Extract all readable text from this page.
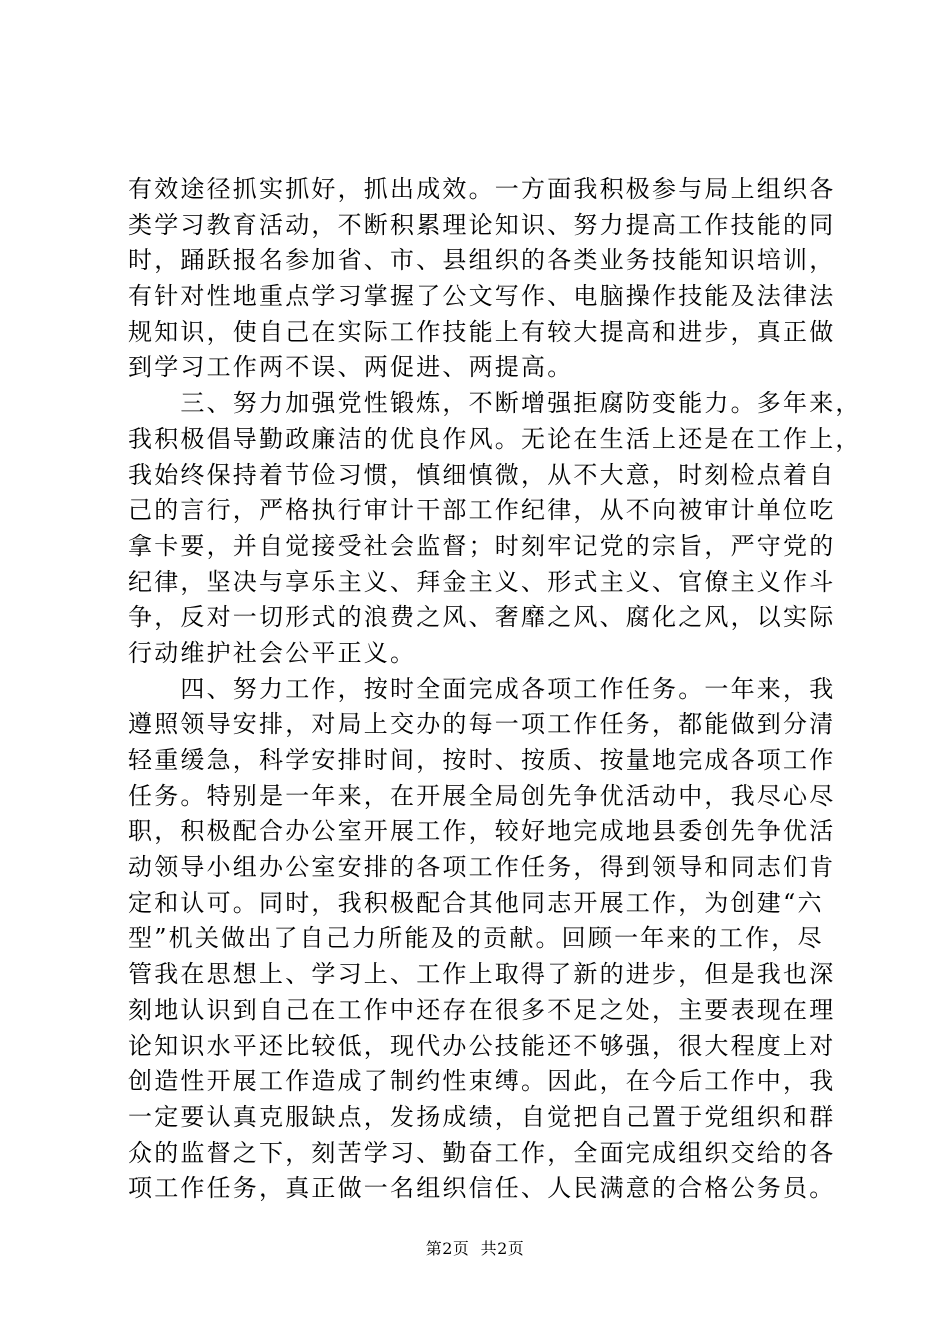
有效途径抓实抓好，抓出成效。一方面我积极参与局上组织各
类学习教育活动，不断积累理论知识、努力提高工作技能的同
时，踊跃报名参加省、市、县组织的各类业务技能知识培训，
有针对性地重点学习掌握了公文写作、电脑操作技能及法律法
规知识，使自己在实际工作技能上有较大提高和进步，真正做
到学习工作两不误、两促进、两提高。
　　三、努力加强党性锻炼，不断增强拒腐防变能力。多年来，
我积极倡导勤政廉洁的优良作风。无论在生活上还是在工作上，
我始终保持着节俭习惯，慎细慎微，从不大意，时刻检点着自
己的言行，严格执行审计干部工作纪律，从不向被审计单位吃
拿卡要，并自觉接受社会监督；时刻牢记党的宗旨，严守党的
纪律，坚决与享乐主义、拜金主义、形式主义、官僚主义作斗
争，反对一切形式的浪费之风、奢靡之风、腐化之风，以实际
行动维护社会公平正义。
　　四、努力工作，按时全面完成各项工作任务。一年来，我
遵照领导安排，对局上交办的每一项工作任务，都能做到分清
轻重缓急，科学安排时间，按时、按质、按量地完成各项工作
任务。特别是一年来，在开展全局创先争优活动中，我尽心尽
职，积极配合办公室开展工作，较好地完成地县委创先争优活
动领导小组办公室安排的各项工作任务，得到领导和同志们肯
定和认可。同时，我积极配合其他同志开展工作，为创建“六
型”机关做出了自己力所能及的贡献。回顾一年来的工作，尽
管我在思想上、学习上、工作上取得了新的进步，但是我也深
刻地认识到自己在工作中还存在很多不足之处，主要表现在理
论知识水平还比较低，现代办公技能还不够强，很大程度上对
创造性开展工作造成了制约性束缚。因此，在今后工作中，我
一定要认真克服缺点，发扬成绩，自觉把自己置于党组织和群
众的监督之下，刻苦学习、勤奋工作，全面完成组织交给的各
项工作任务，真正做一名组织信任、人民满意的合格公务员。
第2页  共2页
